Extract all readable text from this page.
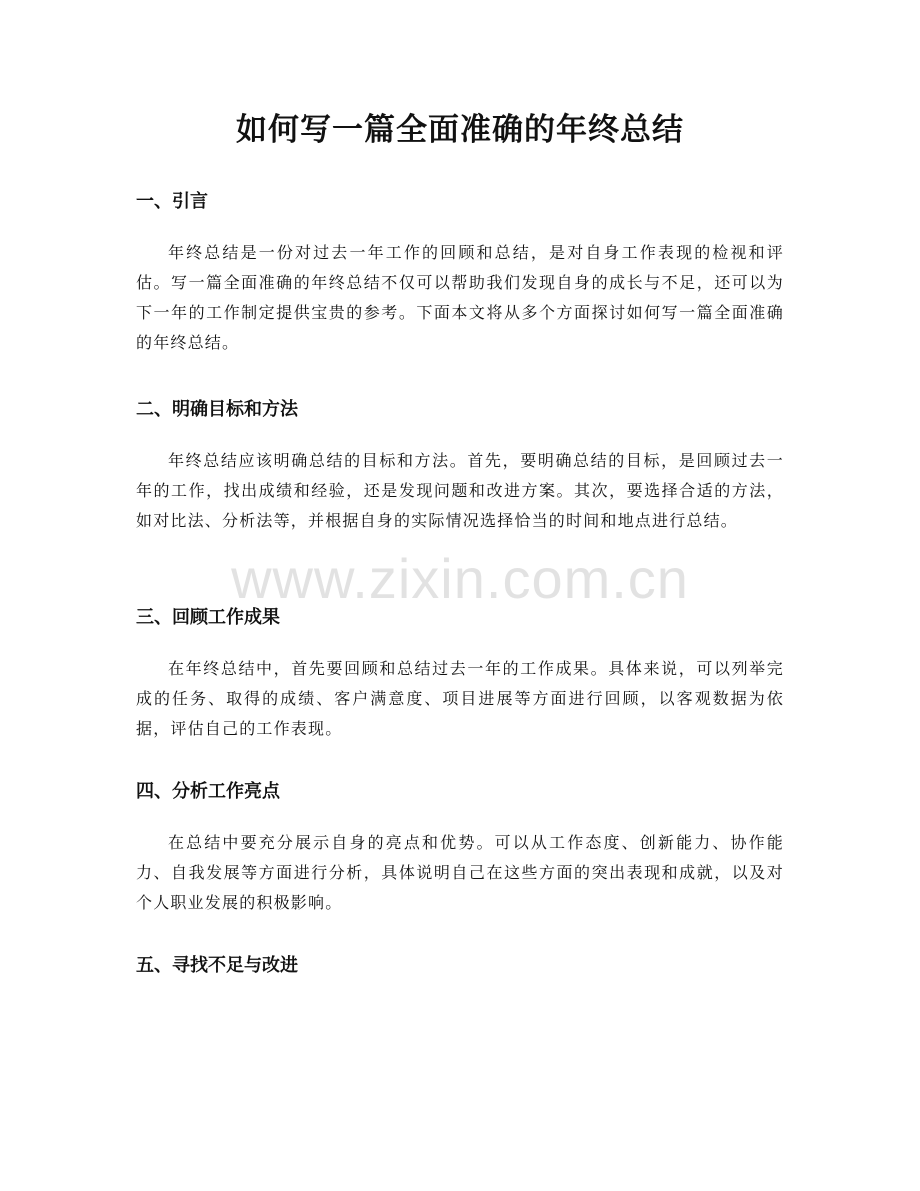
如何写一篇全面准确的年终总结
一、引言

年终总结是一份对过去一年工作的回顾和总结，是对自身工作表现的检视和评估。写一篇全面准确的年终总结不仅可以帮助我们发现自身的成长与不足，还可以为下一年的工作制定提供宝贵的参考。下面本文将从多个方面探讨如何写一篇全面准确的年终总结。

二、明确目标和方法

年终总结应该明确总结的目标和方法。首先，要明确总结的目标，是回顾过去一年的工作，找出成绩和经验，还是发现问题和改进方案。其次，要选择合适的方法，如对比法、分析法等，并根据自身的实际情况选择恰当的时间和地点进行总结。

三、回顾工作成果

在年终总结中，首先要回顾和总结过去一年的工作成果。具体来说，可以列举完成的任务、取得的成绩、客户满意度、项目进展等方面进行回顾，以客观数据为依据，评估自己的工作表现。

四、分析工作亮点

在总结中要充分展示自身的亮点和优势。可以从工作态度、创新能力、协作能力、自我发展等方面进行分析，具体说明自己在这些方面的突出表现和成就，以及对个人职业发展的积极影响。

五、寻找不足与改进
www.zixin.com.cn
